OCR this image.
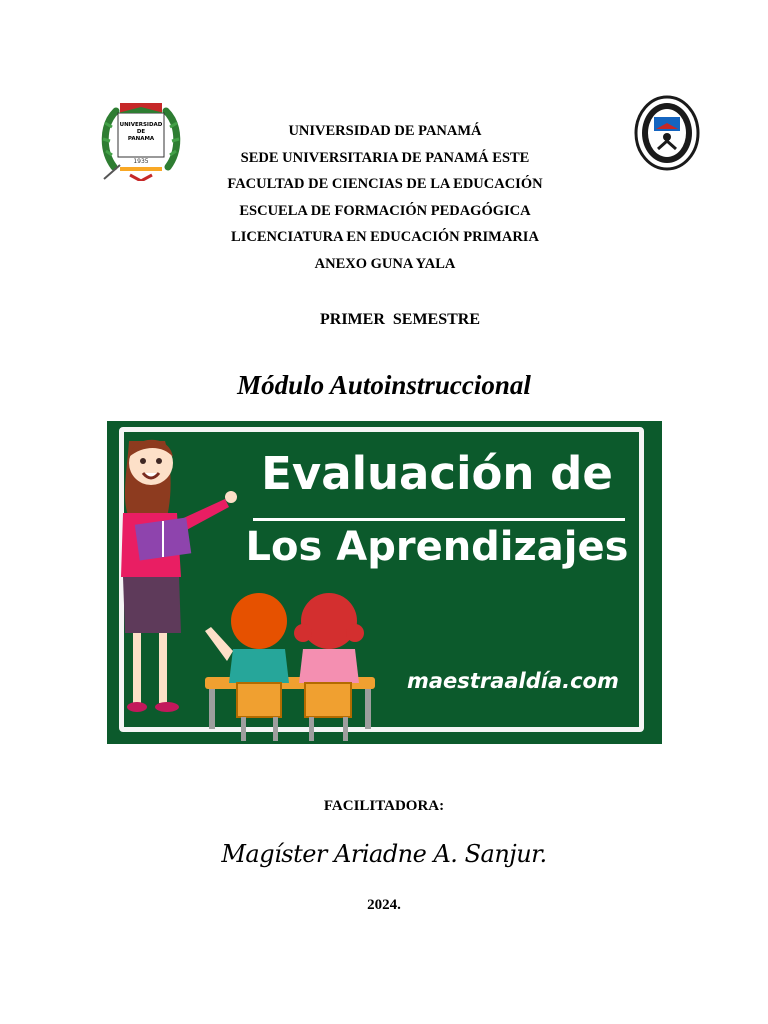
1935
UNIVERSIDAD
DE
PANAMA	UNIVERSIDAD DE PANAMÁ
SEDE UNIVERSITARIA DE PANAMÁ ESTE
FACULTAD DE CIENCIAS DE LA EDUCACIÓN
ESCUELA DE FORMACIÓN PEDAGÓGICA
LICENCIATURA EN EDUCACIÓN PRIMARIA
ANEXO GUNA YALA
PRIMER  SEMESTRE
Módulo Autoinstruccional
Evaluación de
Los Aprendizajes
maestraaldía.com
FACILITADORA:
Magíster Ariadne A. Sanjur.
2024.
